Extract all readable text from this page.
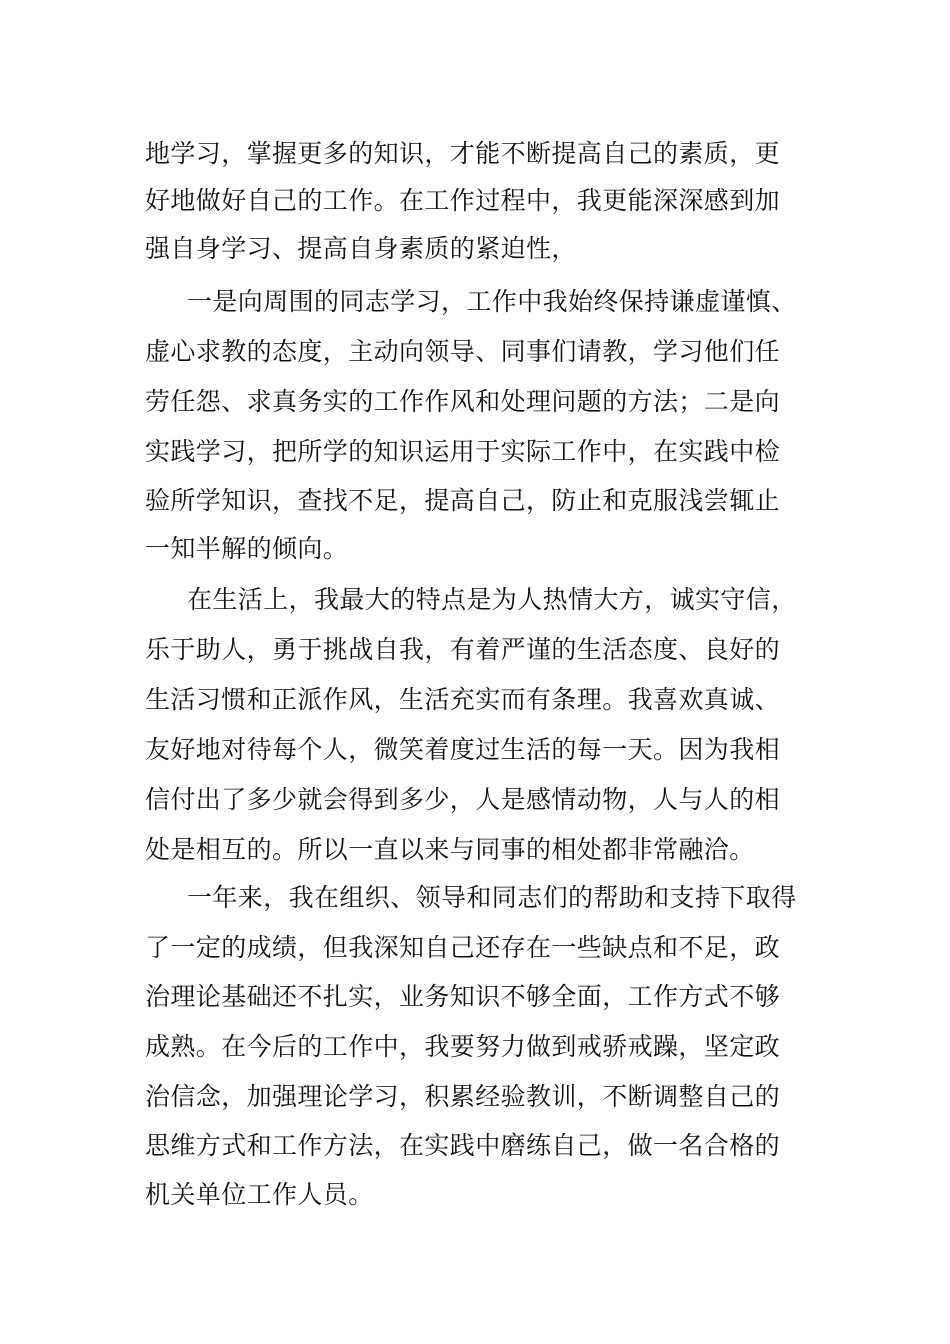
地学习，掌握更多的知识，才能不断提高自己的素质，更
好地做好自己的工作。在工作过程中，我更能深深感到加
强自身学习、提高自身素质的紧迫性，
一是向周围的同志学习，工作中我始终保持谦虚谨慎、
虚心求教的态度，主动向领导、同事们请教，学习他们任
劳任怨、求真务实的工作作风和处理问题的方法；二是向
实践学习，把所学的知识运用于实际工作中，在实践中检
验所学知识，查找不足，提高自己，防止和克服浅尝辄止
一知半解的倾向。
在生活上，我最大的特点是为人热情大方，诚实守信，
乐于助人，勇于挑战自我，有着严谨的生活态度、良好的
生活习惯和正派作风，生活充实而有条理。我喜欢真诚、
友好地对待每个人，微笑着度过生活的每一天。因为我相
信付出了多少就会得到多少，人是感情动物，人与人的相
处是相互的。所以一直以来与同事的相处都非常融洽。
一年来，我在组织、领导和同志们的帮助和支持下取得
了一定的成绩，但我深知自己还存在一些缺点和不足，政
治理论基础还不扎实，业务知识不够全面，工作方式不够
成熟。在今后的工作中，我要努力做到戒骄戒躁，坚定政
治信念，加强理论学习，积累经验教训，不断调整自己的
思维方式和工作方法，在实践中磨练自己，做一名合格的
机关单位工作人员。
